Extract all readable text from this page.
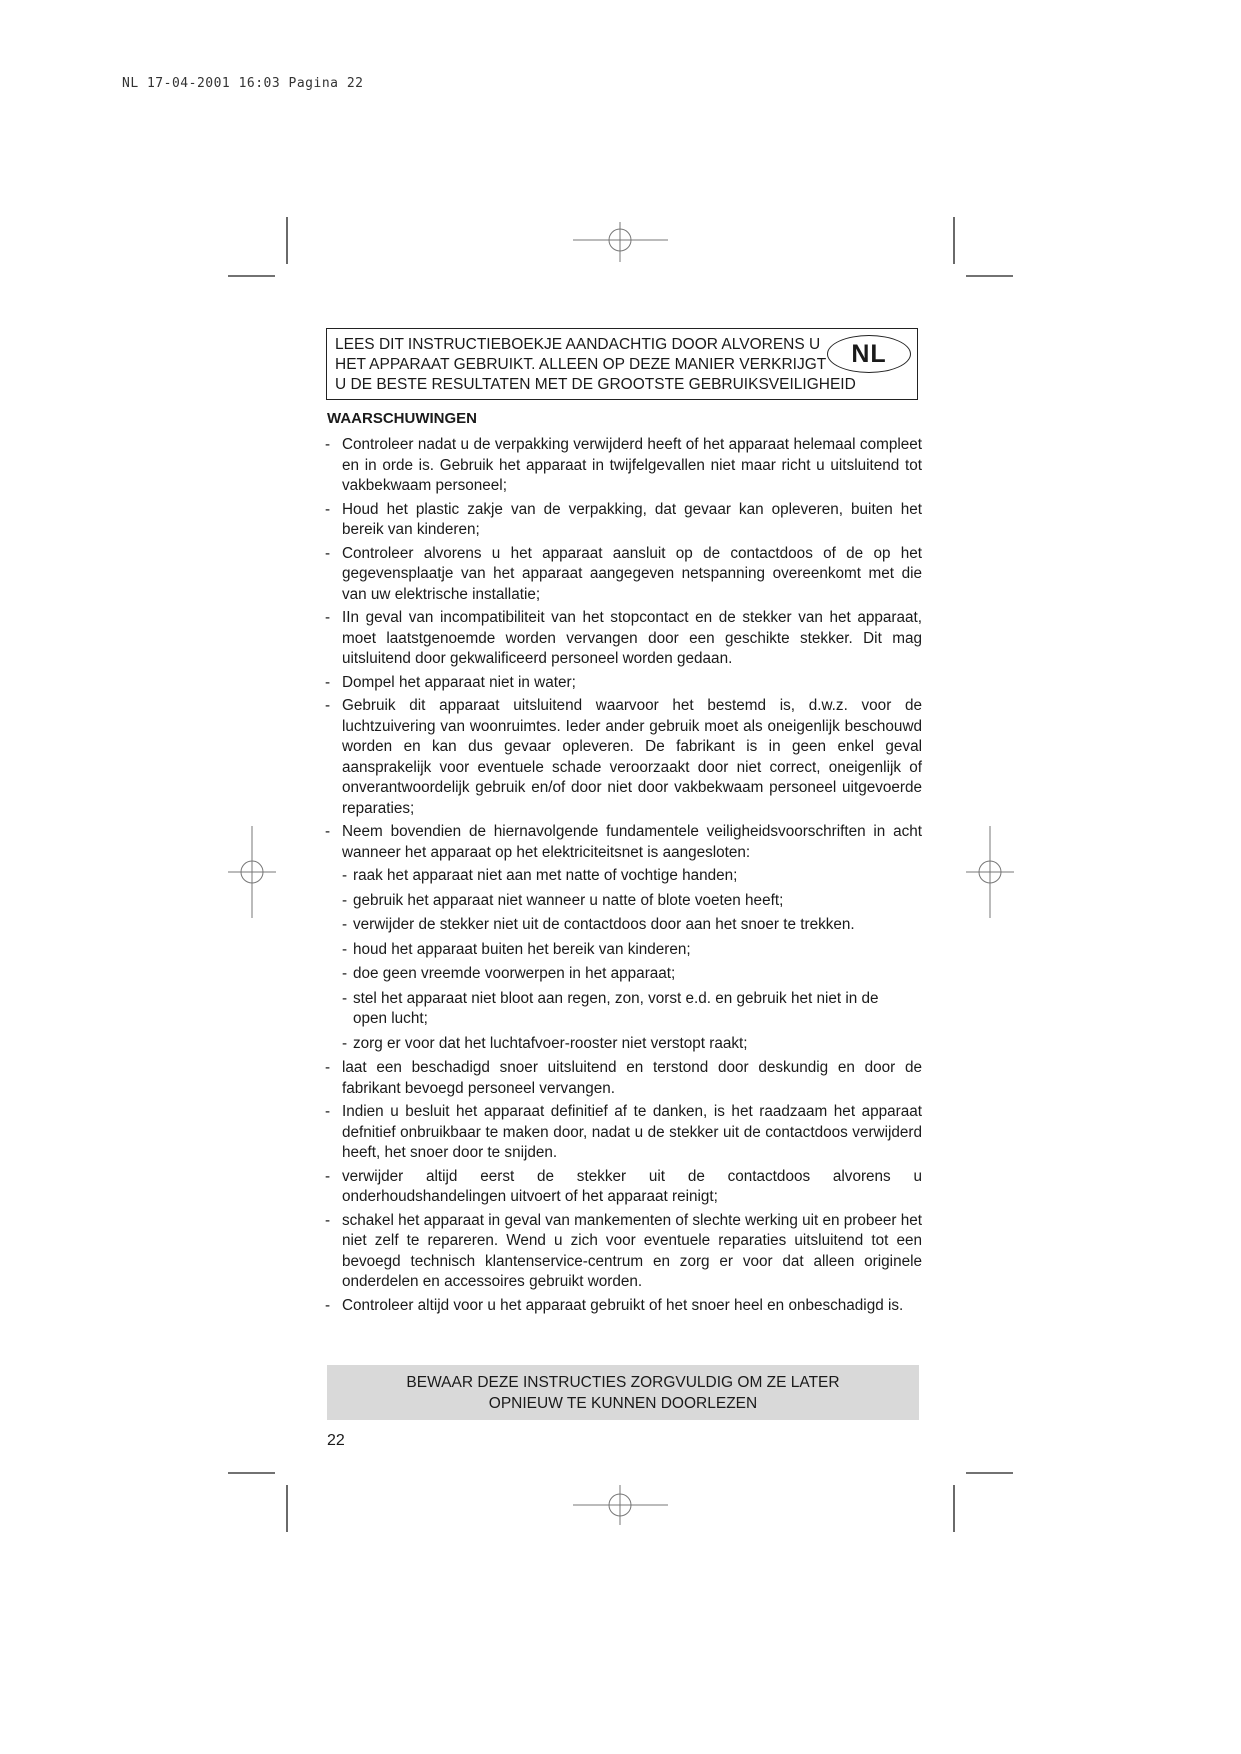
NL 17-04-2001 16:03 Pagina 22
LEES DIT INSTRUCTIEBOEKJE AANDACHTIG DOOR ALVORENS U
HET APPARAAT GEBRUIKT. ALLEEN OP DEZE MANIER VERKRIJGT
U DE BESTE RESULTATEN MET DE GROOTSTE GEBRUIKSVEILIGHEID
NL
WAARSCHUWINGEN
- Controleer nadat u de verpakking verwijderd heeft of het apparaat helemaal compleet en in orde is. Gebruik het apparaat in twijfelgevallen niet maar richt u uitsluitend tot vakbekwaam personeel;
- Houd het plastic zakje van de verpakking, dat gevaar kan opleveren, buiten het bereik van kinderen;
- Controleer alvorens u het apparaat aansluit op de contactdoos of de op het gegevensplaatje van het apparaat aangegeven netspanning overeenkomt met die van uw elektrische installatie;
- IIn geval van incompatibiliteit van het stopcontact en de stekker van het apparaat, moet laatstgenoemde worden vervangen door een geschikte stekker. Dit mag uitsluitend door gekwalificeerd personeel worden gedaan.
- Dompel het apparaat niet in water;
- Gebruik dit apparaat uitsluitend waarvoor het bestemd is, d.w.z. voor de luchtzuivering van woonruimtes. Ieder ander gebruik moet als oneigenlijk beschouwd worden en kan dus gevaar opleveren. De fabrikant is in geen enkel geval aansprakelijk voor eventuele schade veroorzaakt door niet correct, oneigenlijk of onverantwoordelijk gebruik en/of door niet door vakbekwaam personeel uitgevoerde reparaties;
- Neem bovendien de hiernavolgende fundamentele veiligheidsvoorschriften in acht wanneer het apparaat op het elektriciteitsnet is aangesloten:
- raak het apparaat niet aan met natte of vochtige handen;
- gebruik het apparaat niet wanneer u natte of blote voeten heeft;
- verwijder de stekker niet uit de contactdoos door aan het snoer te trekken.
- houd het apparaat buiten het bereik van kinderen;
- doe geen vreemde voorwerpen in het apparaat;
- stel het apparaat niet bloot aan regen, zon, vorst e.d. en gebruik het niet in de open lucht;
- zorg er voor dat het luchtafvoer-rooster niet verstopt raakt;
- laat een beschadigd snoer uitsluitend en terstond door deskundig en door de fabrikant bevoegd personeel vervangen.
- Indien u besluit het apparaat definitief af te danken, is het raadzaam het apparaat defnitief onbruikbaar te maken door, nadat u de stekker uit de contactdoos verwijderd heeft, het snoer door te snijden.
- verwijder altijd eerst de stekker uit de contactdoos alvorens u onderhoudshandelingen uitvoert of het apparaat reinigt;
- schakel het apparaat in geval van mankementen of slechte werking uit en probeer het niet zelf te repareren. Wend u zich voor eventuele reparaties uitsluitend tot een bevoegd technisch klantenservice-centrum en zorg er voor dat alleen originele onderdelen en accessoires gebruikt worden.
- Controleer altijd voor u het apparaat gebruikt of het snoer heel en onbeschadigd is.
BEWAAR DEZE INSTRUCTIES ZORGVULDIG OM ZE LATER
OPNIEUW TE KUNNEN DOORLEZEN
22
